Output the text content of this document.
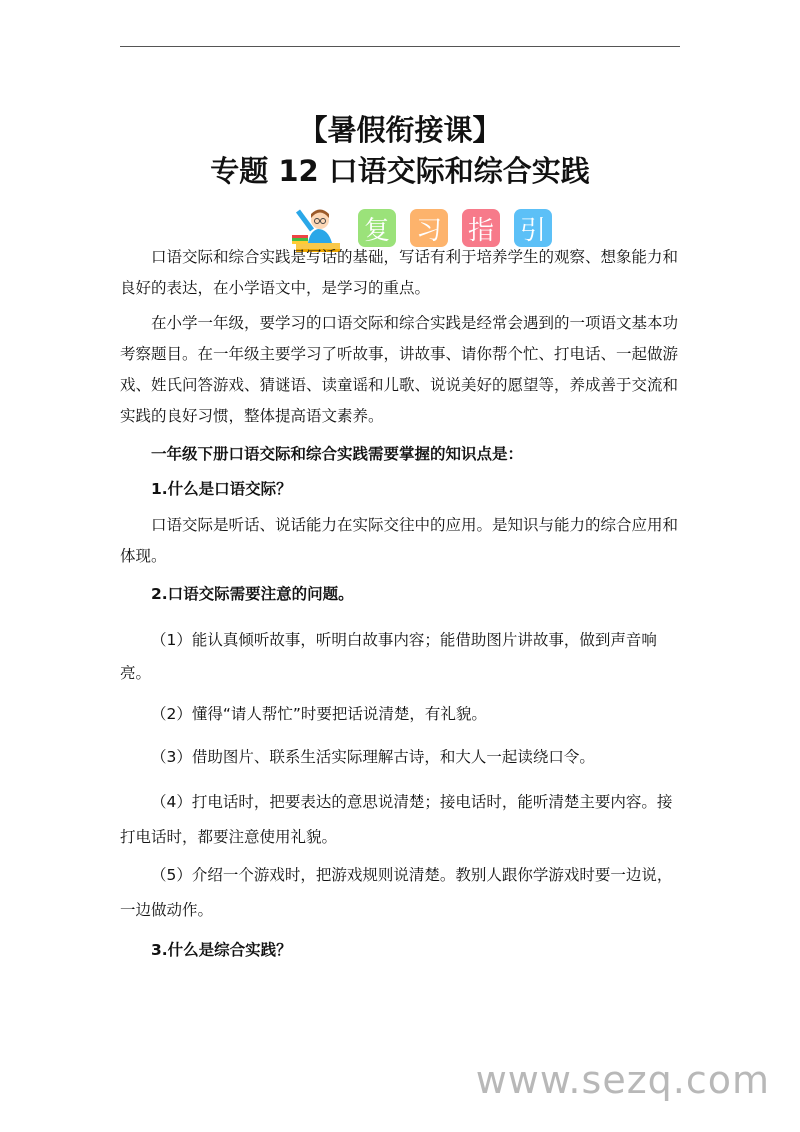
【暑假衔接课】
专题 12 口语交际和综合实践
复 习 指 引

口语交际和综合实践是写话的基础，写话有利于培养学生的观察、想象能力和良好的表达，在小学语文中，是学习的重点。

在小学一年级，要学习的口语交际和综合实践是经常会遇到的一项语文基本功考察题目。在一年级主要学习了听故事，讲故事、请你帮个忙、打电话、一起做游戏、姓氏问答游戏、猜谜语、读童谣和儿歌、说说美好的愿望等，养成善于交流和实践的良好习惯，整体提高语文素养。

一年级下册口语交际和综合实践需要掌握的知识点是：

1.什么是口语交际？

口语交际是听话、说话能力在实际交往中的应用。是知识与能力的综合应用和体现。

2.口语交际需要注意的问题。

（1）能认真倾听故事，听明白故事内容；能借助图片讲故事，做到声音响亮。

（2）懂得“请人帮忙”时要把话说清楚，有礼貌。

（3）借助图片、联系生活实际理解古诗，和大人一起读绕口令。

（4）打电话时，把要表达的意思说清楚；接电话时，能听清楚主要内容。接打电话时，都要注意使用礼貌。

（5）介绍一个游戏时，把游戏规则说清楚。教别人跟你学游戏时要一边说，一边做动作。

3.什么是综合实践？

www.sezq.com
